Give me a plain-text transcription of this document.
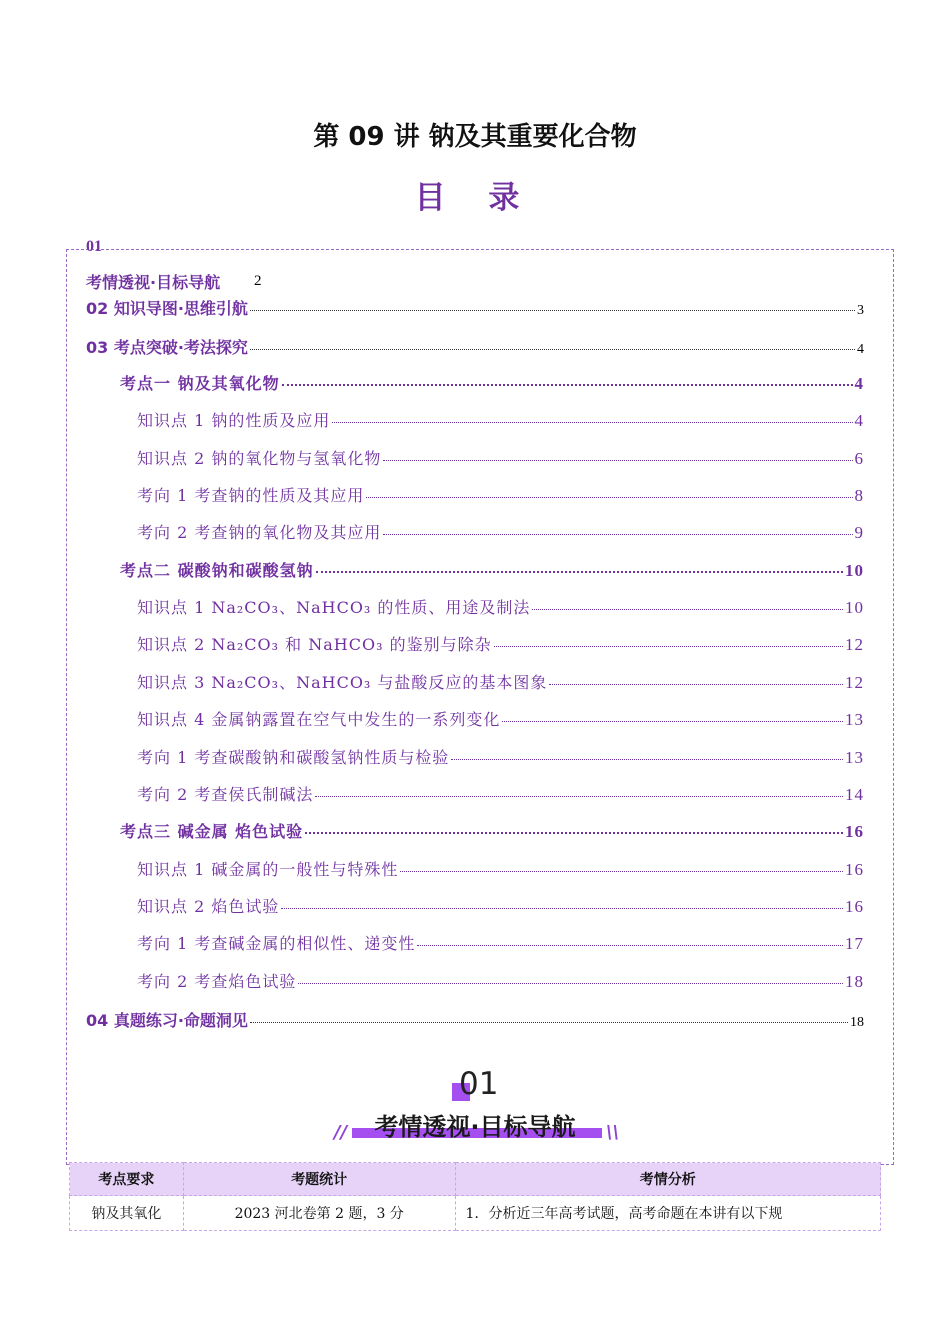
第 09 讲 钠及其重要化合物
目 录
01
考情透视·目标导航 2
02 知识导图·思维引航	3
03 考点突破·考法探究	4
考点一 钠及其氧化物	4
知识点 1 钠的性质及应用	4
知识点 2 钠的氧化物与氢氧化物	6
考向 1 考查钠的性质及其应用	8
考向 2 考查钠的氧化物及其应用	9
考点二 碳酸钠和碳酸氢钠	10
知识点 1 Na₂CO₃、NaHCO₃ 的性质、用途及制法	10
知识点 2 Na₂CO₃ 和 NaHCO₃ 的鉴别与除杂	12
知识点 3 Na₂CO₃、NaHCO₃ 与盐酸反应的基本图象	12
知识点 4 金属钠露置在空气中发生的一系列变化	13
考向 1 考查碳酸钠和碳酸氢钠性质与检验	13
考向 2 考查侯氏制碱法	14
考点三 碱金属 焰色试验	16
知识点 1 碱金属的一般性与特殊性	16
知识点 2 焰色试验	16
考向 1 考查碱金属的相似性、递变性	17
考向 2 考查焰色试验	18
04 真题练习·命题洞见	18
01
//	考情透视·目标导航	\\
考点要求	考题统计	考情分析
钠及其氧化	2023 河北卷第 2 题，3 分	1．分析近三年高考试题，高考命题在本讲有以下规
